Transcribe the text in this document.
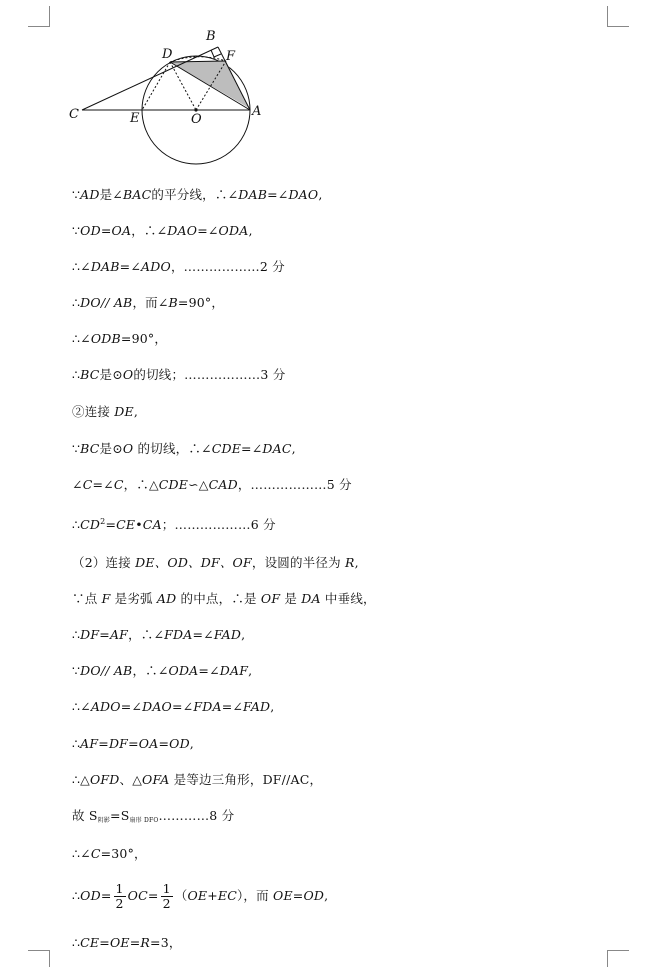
B
D	F
C	E	O
A
∵AD是∠BAC的平分线，∴∠DAB=∠DAO,
∵OD=OA，∴∠DAO=∠ODA,
∴∠DAB=∠ADO，………………2 分
∴DO// AB，而∠B=90°，
∴∠ODB=90°，
∴BC是⊙O的切线；………………3 分
②连接 DE,
∵BC是⊙O 的切线，∴∠CDE=∠DAC,
∠C=∠C，∴△CDE∽△CAD，………………5 分
$\therefore CD^2=CE•CA$；………………6 分
（2）连接 DE、OD、DF、OF，设圆的半径为 R,
∵点 F 是劣弧 AD 的中点，∴是 OF 是 DA 中垂线，
∴DF=AF，∴∠FDA=∠FAD,
∵DO// AB，∴∠ODA=∠DAF,
∴∠ADO=∠DAO=∠FDA=∠FAD,
∴AF=DF=OA=OD,
∴△OFD、△OFA 是等边三角形，DF//AC，
故 $S_{阴影}=S_{扇形 DFO}\dots\dots\dots\dots 8$ 分
∴∠C=30°，
∴OD= $\frac{1}{2} OC= \frac{1}{2} (OE+EC)$，而 OE=OD,
∴CE=OE=R=3，
